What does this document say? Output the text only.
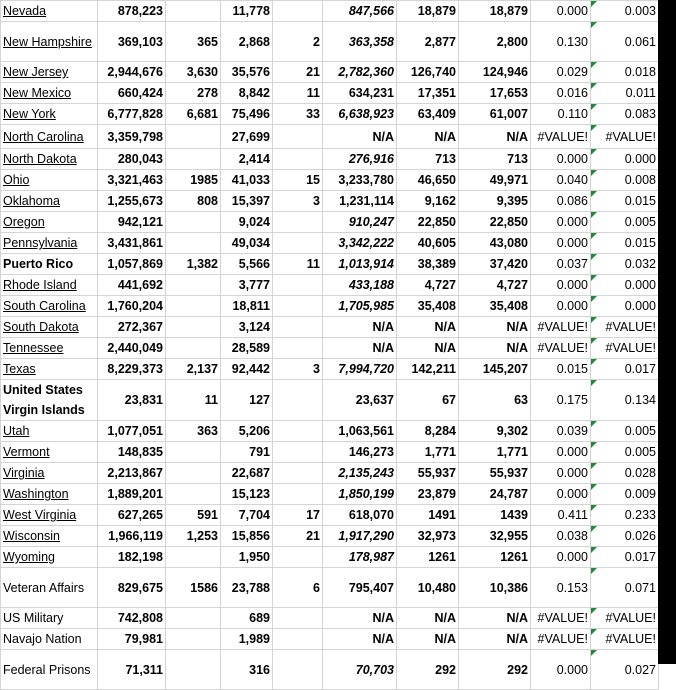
Nevada	878,223		11,778		847,566	18,879	18,879	0.000	0.003
New Hampshire	369,103	365	2,868	2	363,358	2,877	2,800	0.130	0.061
New Jersey	2,944,676	3,630	35,576	21	2,782,360	126,740	124,946	0.029	0.018
New Mexico	660,424	278	8,842	11	634,231	17,351	17,653	0.016	0.011
New York	6,777,828	6,681	75,496	33	6,638,923	63,409	61,007	0.110	0.083
North Carolina	3,359,798		27,699		N/A	N/A	N/A	#VALUE!	#VALUE!
North Dakota	280,043		2,414		276,916	713	713	0.000	0.000
Ohio	3,321,463	1985	41,033	15	3,233,780	46,650	49,971	0.040	0.008
Oklahoma	1,255,673	808	15,397	3	1,231,114	9,162	9,395	0.086	0.015
Oregon	942,121		9,024		910,247	22,850	22,850	0.000	0.005
Pennsylvania	3,431,861		49,034		3,342,222	40,605	43,080	0.000	0.015
Puerto Rico	1,057,869	1,382	5,566	11	1,013,914	38,389	37,420	0.037	0.032
Rhode Island	441,692		3,777		433,188	4,727	4,727	0.000	0.000
South Carolina	1,760,204		18,811		1,705,985	35,408	35,408	0.000	0.000
South Dakota	272,367		3,124		N/A	N/A	N/A	#VALUE!	#VALUE!
Tennessee	2,440,049		28,589		N/A	N/A	N/A	#VALUE!	#VALUE!
Texas	8,229,373	2,137	92,442	3	7,994,720	142,211	145,207	0.015	0.017
United States Virgin Islands	23,831	11	127		23,637	67	63	0.175	0.134
Utah	1,077,051	363	5,206		1,063,561	8,284	9,302	0.039	0.005
Vermont	148,835		791		146,273	1,771	1,771	0.000	0.005
Virginia	2,213,867		22,687		2,135,243	55,937	55,937	0.000	0.028
Washington	1,889,201		15,123		1,850,199	23,879	24,787	0.000	0.009
West Virginia	627,265	591	7,704	17	618,070	1491	1439	0.411	0.233
Wisconsin	1,966,119	1,253	15,856	21	1,917,290	32,973	32,955	0.038	0.026
Wyoming	182,198		1,950		178,987	1261	1261	0.000	0.017
Veteran Affairs	829,675	1586	23,788	6	795,407	10,480	10,386	0.153	0.071
US Military	742,808		689		N/A	N/A	N/A	#VALUE!	#VALUE!
Navajo Nation	79,981		1,989		N/A	N/A	N/A	#VALUE!	#VALUE!
Federal Prisons	71,311		316		70,703	292	292	0.000	0.027
